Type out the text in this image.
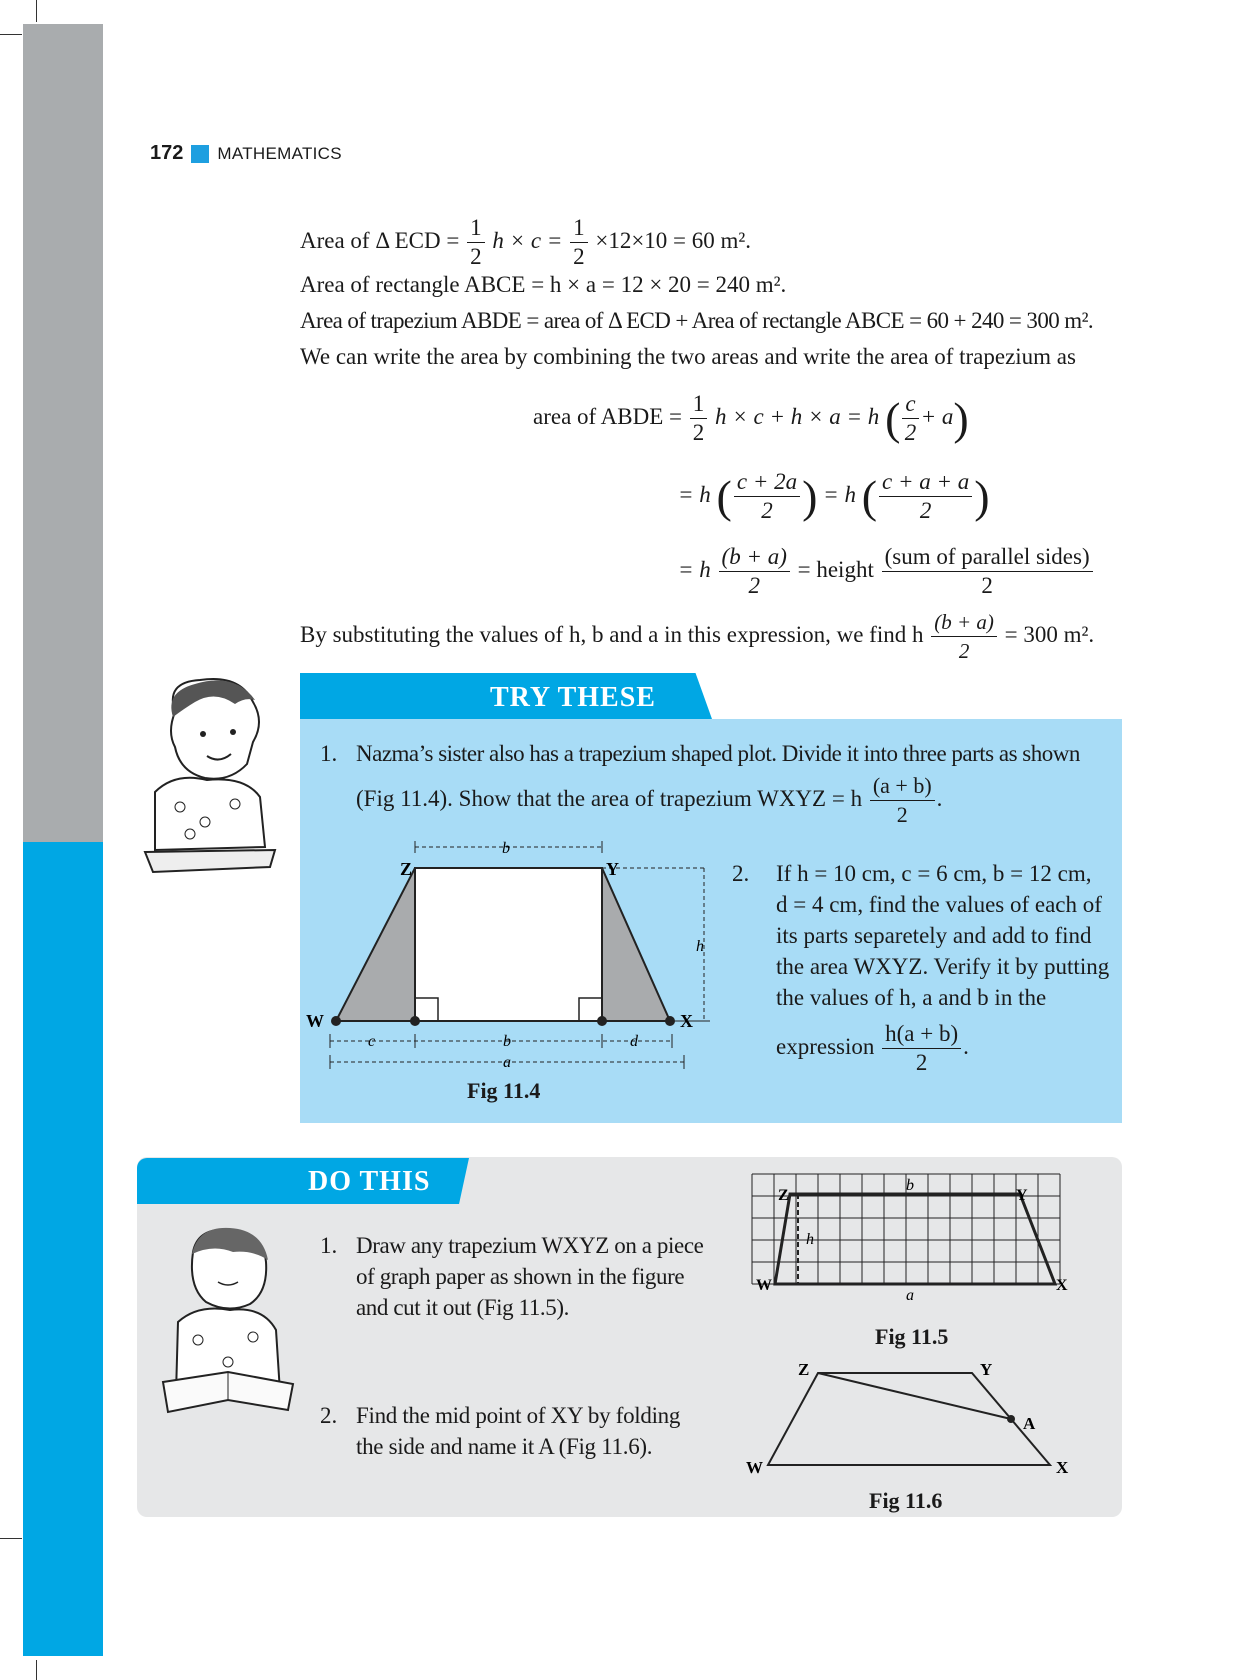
172 MATHEMATICS
Area of Δ ECD = $\frac{1}{2}$ $h \times c = \frac{1}{2} \times 12\times 10 = 60$ m².
Area of rectangle ABCE = h × a = 12 × 20 = 240 m².
Area of trapezium ABDE = area of Δ ECD + Area of rectangle ABCE = 60 + 240 = 300 m².
We can write the area by combining the two areas and write the area of trapezium as
area of ABDE = $\frac{1}{2}$ h × c + h × a = h ( $\frac{c}{2} + a$)
= h ( $\frac{c + 2a}{2}$ ) = h ( $\frac{c + a + a}{2}$ )
= h $\frac{(b + a)}{2}$ = height $\frac{\text{(sum of parallel sides)}}{2}$
By substituting the values of h, b and a in this expression, we find h $\frac{(b + a)}{2} = 300$ m².
TRY THESE
1. Nazma’s sister also has a trapezium shaped plot. Divide it into three parts as shown
(Fig 11.4). Show that the area of trapezium WXYZ = h $\frac{(a + b)}{2}$ .
b
h
Z	Y
W	X
c	b	d
a
Fig 11.4
2. If h = 10 cm, c = 6 cm, b = 12 cm,
d = 4 cm, find the values of each of
its parts separetely and add to find
the area WXYZ. Verify it by putting
the values of h, a and b in the
expression $\frac{h(a + b)}{2}$ .
DO THIS
1. Draw any trapezium WXYZ on a piece
of graph paper as shown in the figure
and cut it out (Fig 11.5).
2. Find the mid point of XY by folding
the side and name it A (Fig 11.6).
Z	Y
W	X
b
h
a
Fig 11.5
Z	Y
A
W	X
Fig 11.6
